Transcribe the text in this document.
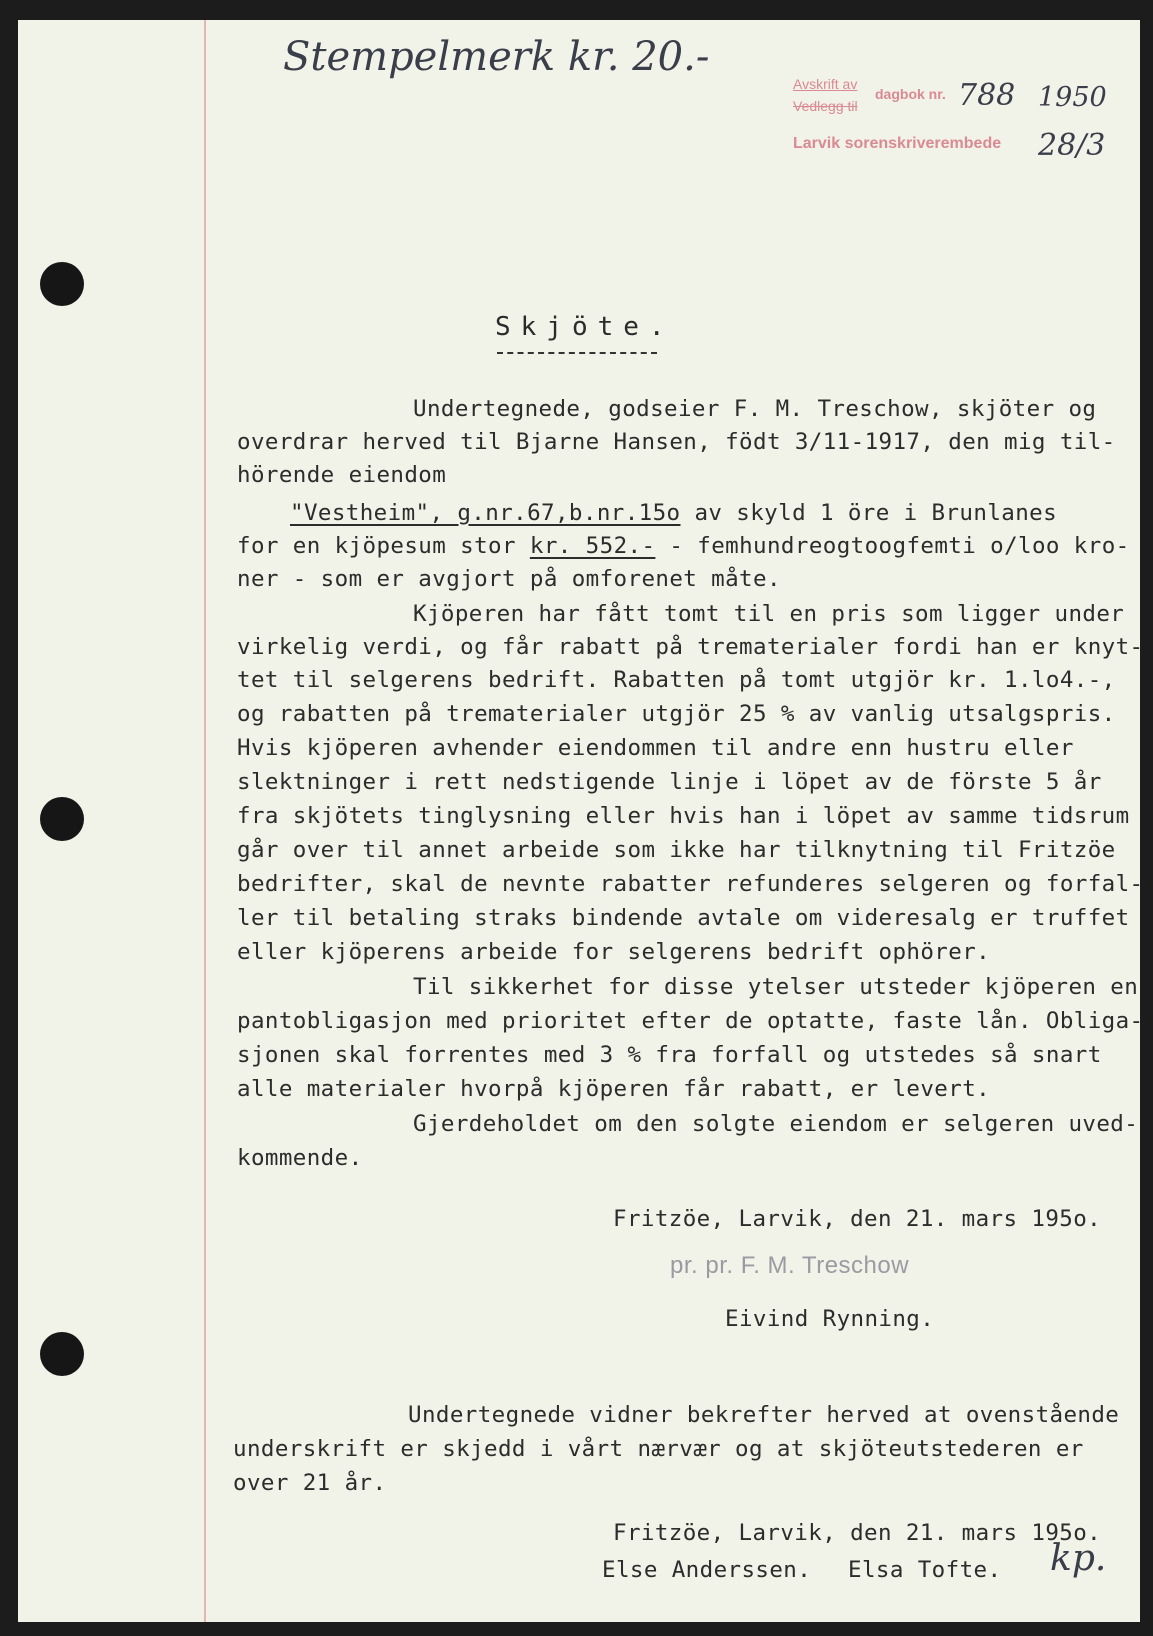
Stempelmerk kr. 20.-
Avskrift av
dagbok nr. 788 1950
Vedlegg til
Larvik sorenskriverembede 28/3
Skjöte.
Undertegnede, godseier F. M. Treschow, skjöter og
overdrar herved til Bjarne Hansen, födt 3/11-1917, den mig til-
hörende eiendom
"Vestheim", g.nr.67,b.nr.15o av skyld 1 öre i Brunlanes
for en kjöpesum stor kr. 552.- - femhundreogtoogfemti o/loo kro-
ner - som er avgjort på omforenet måte.
Kjöperen har fått tomt til en pris som ligger under
virkelig verdi, og får rabatt på trematerialer fordi han er knyt-
tet til selgerens bedrift. Rabatten på tomt utgjör kr. 1.lo4.-,
og rabatten på trematerialer utgjör 25 % av vanlig utsalgspris.
Hvis kjöperen avhender eiendommen til andre enn hustru eller
slektninger i rett nedstigende linje i löpet av de förste 5 år
fra skjötets tinglysning eller hvis han i löpet av samme tidsrum
går over til annet arbeide som ikke har tilknytning til Fritzöe
bedrifter, skal de nevnte rabatter refunderes selgeren og forfal-
ler til betaling straks bindende avtale om videresalg er truffet
eller kjöperens arbeide for selgerens bedrift ophörer.
Til sikkerhet for disse ytelser utsteder kjöperen en
pantobligasjon med prioritet efter de optatte, faste lån. Obliga-
sjonen skal forrentes med 3 % fra forfall og utstedes så snart
alle materialer hvorpå kjöperen får rabatt, er levert.
Gjerdeholdet om den solgte eiendom er selgeren uved-
kommende.
Fritzöe, Larvik, den 21. mars 195o.
pr. pr. F. M. Treschow
Eivind Rynning.
Undertegnede vidner bekrefter herved at ovenstående
underskrift er skjedd i vårt nærvær og at skjöteutstederen er
over 21 år.
Fritzöe, Larvik, den 21. mars 195o.
Else Anderssen. Elsa Tofte. kp.
